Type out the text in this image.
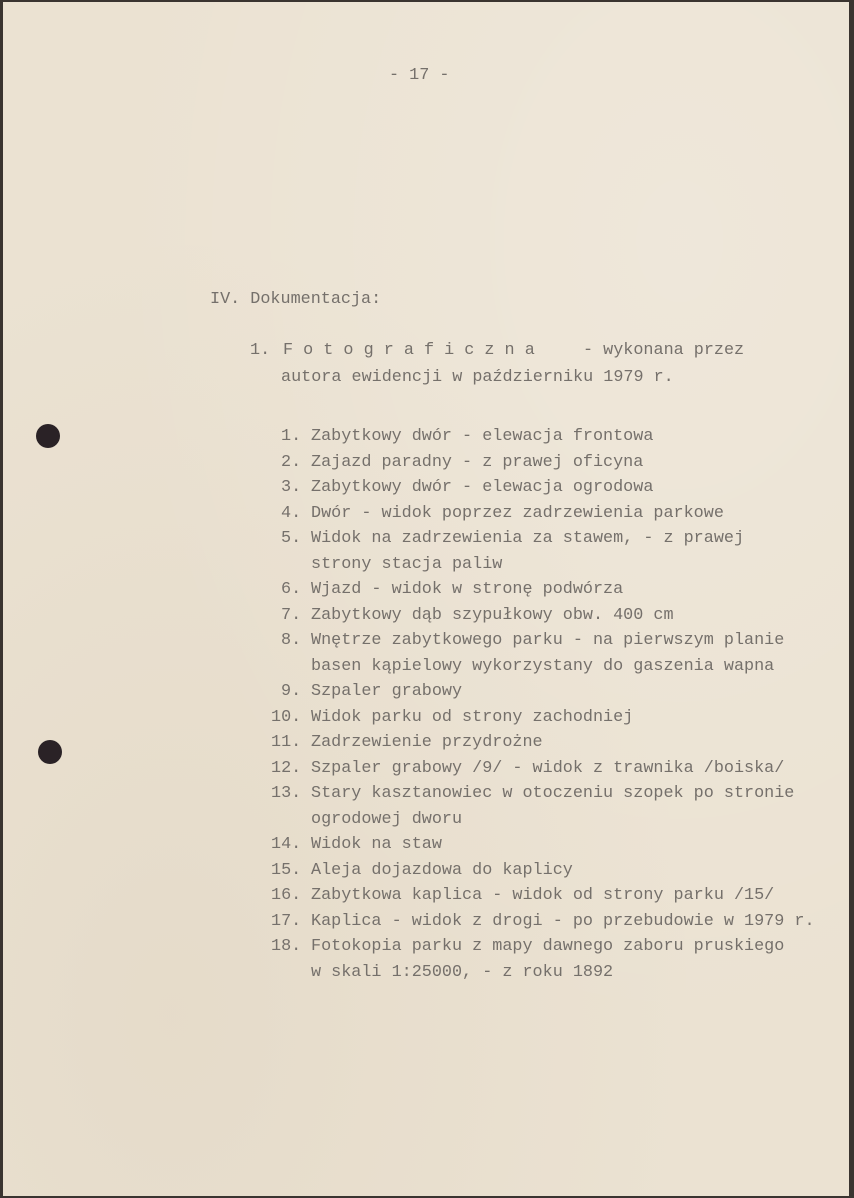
- 17 -
IV. Dokumentacja:
1. F o t o g r a f i c z n a	- wykonana przez
autora ewidencji w październiku 1979 r.
1. Zabytkowy dwór - elewacja frontowa
2. Zajazd paradny - z prawej oficyna
3. Zabytkowy dwór - elewacja ogrodowa
4. Dwór - widok poprzez zadrzewienia parkowe
5. Widok na zadrzewienia za stawem, - z prawej
strony stacja paliw
6. Wjazd - widok w stronę podwórza
7. Zabytkowy dąb szypułkowy obw. 400 cm
8. Wnętrze zabytkowego parku - na pierwszym planie
basen kąpielowy wykorzystany do gaszenia wapna
9. Szpaler grabowy
10. Widok parku od strony zachodniej
11. Zadrzewienie przydrożne
12. Szpaler grabowy /9/ - widok z trawnika /boiska/
13. Stary kasztanowiec w otoczeniu szopek po stronie
ogrodowej dworu
14. Widok na staw
15. Aleja dojazdowa do kaplicy
16. Zabytkowa kaplica - widok od strony parku /15/
17. Kaplica - widok z drogi - po przebudowie w 1979 r.
18. Fotokopia parku z mapy dawnego zaboru pruskiego
w skali 1:25000, - z roku 1892
